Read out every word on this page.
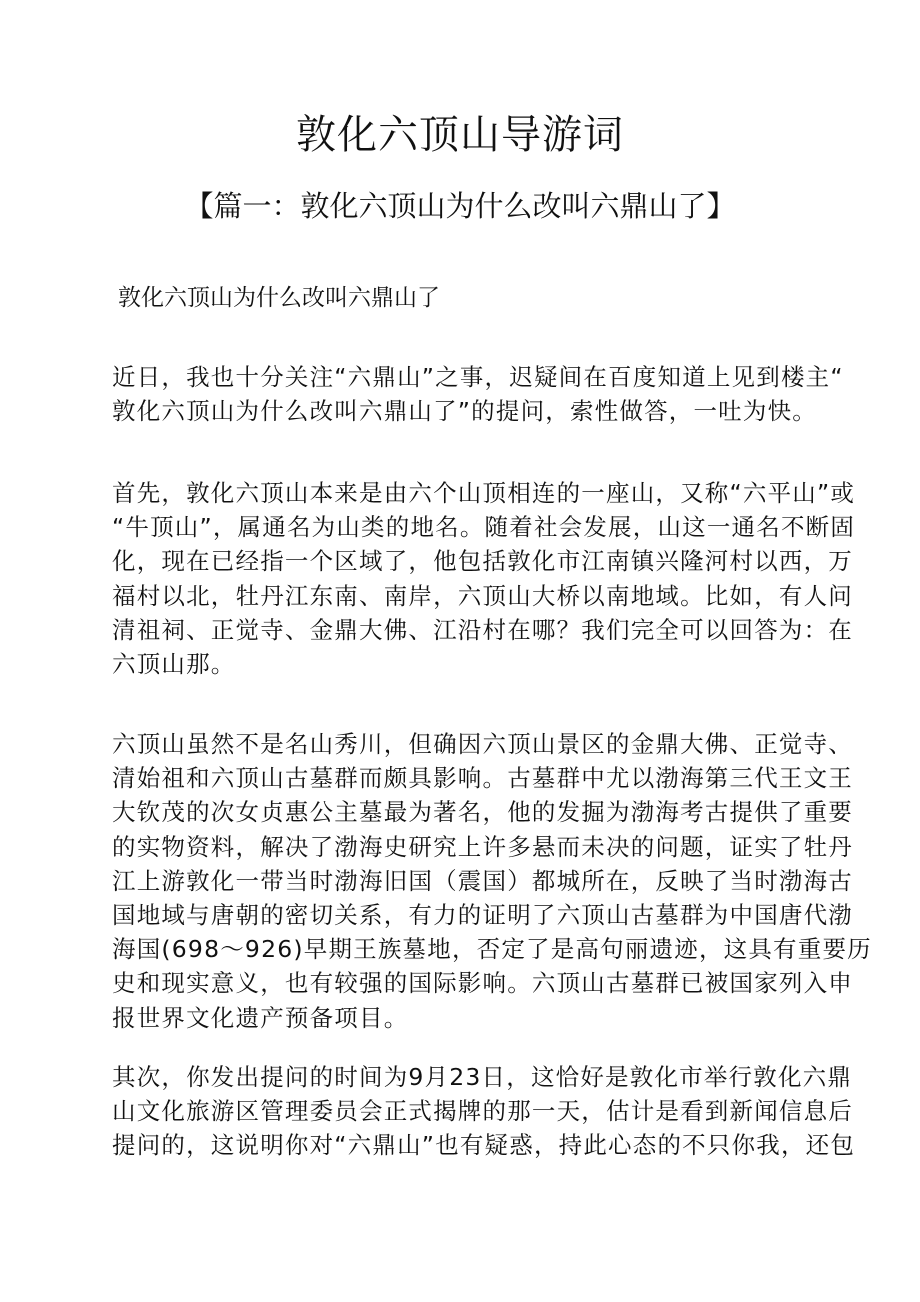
敦化六顶山导游词
【篇一：敦化六顶山为什么改叫六鼎山了】
敦化六顶山为什么改叫六鼎山了
近日，我也十分关注“六鼎山”之事，迟疑间在百度知道上见到楼主“
敦化六顶山为什么改叫六鼎山了”的提问，索性做答，一吐为快。
首先，敦化六顶山本来是由六个山顶相连的一座山，又称“六平山”或
“牛顶山”，属通名为山类的地名。随着社会发展，山这一通名不断固
化，现在已经指一个区域了，他包括敦化市江南镇兴隆河村以西，万
福村以北，牡丹江东南、南岸，六顶山大桥以南地域。比如，有人问
清祖祠、正觉寺、金鼎大佛、江沿村在哪？我们完全可以回答为：在
六顶山那。
六顶山虽然不是名山秀川，但确因六顶山景区的金鼎大佛、正觉寺、
清始祖和六顶山古墓群而颇具影响。古墓群中尤以渤海第三代王文王
大钦茂的次女贞惠公主墓最为著名，他的发掘为渤海考古提供了重要
的实物资料，解决了渤海史研究上许多悬而未决的问题，证实了牡丹
江上游敦化一带当时渤海旧国（震国）都城所在，反映了当时渤海古
国地域与唐朝的密切关系，有力的证明了六顶山古墓群为中国唐代渤
海国(698～926)早期王族墓地，否定了是高句丽遗迹，这具有重要历
史和现实意义，也有较强的国际影响。六顶山古墓群已被国家列入申
报世界文化遗产预备项目。
其次，你发出提问的时间为9月23日，这恰好是敦化市举行敦化六鼎
山文化旅游区管理委员会正式揭牌的那一天，估计是看到新闻信息后
提问的，这说明你对“六鼎山”也有疑惑，持此心态的不只你我，还包
